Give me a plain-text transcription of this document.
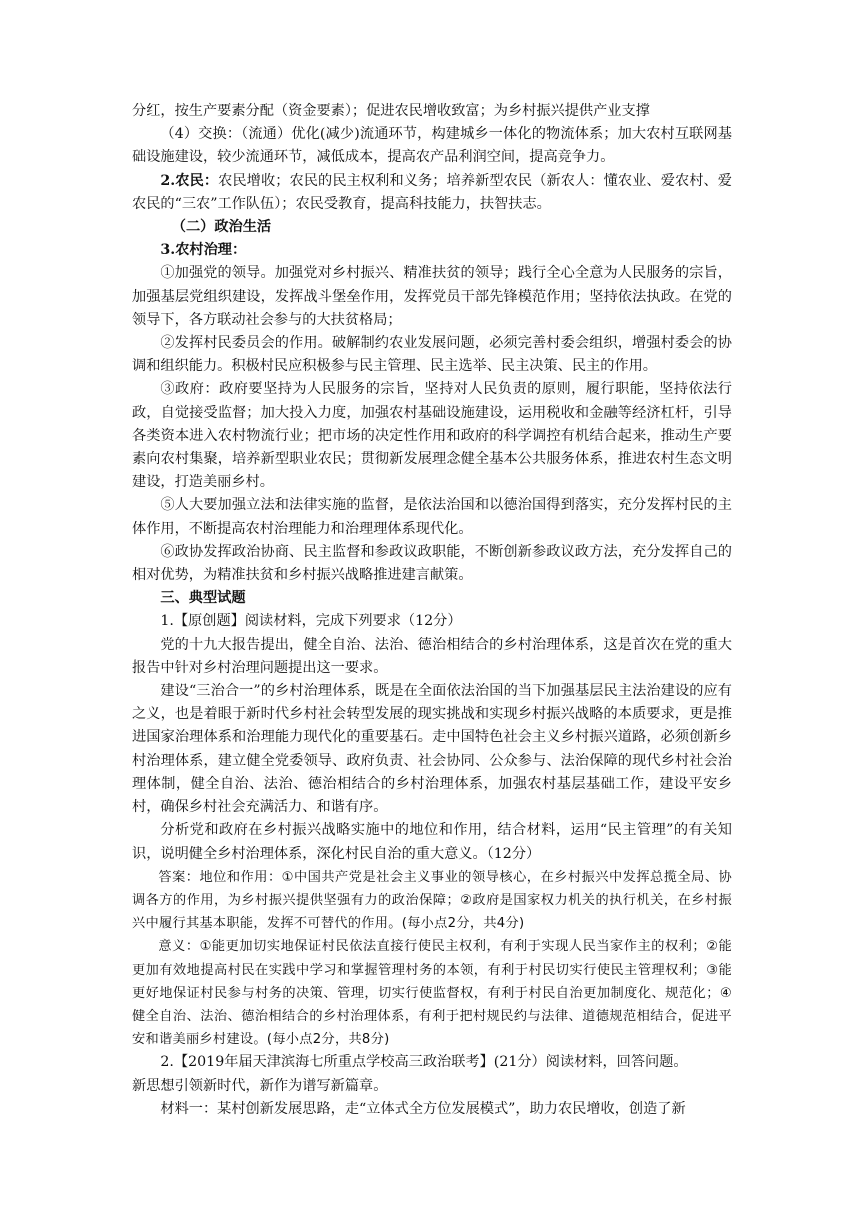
分红，按生产要素分配（资金要素）；促进农民增收致富；为乡村振兴提供产业支撑

（4）交换：（流通）优化(减少)流通环节，构建城乡一体化的物流体系；加大农村互联网基础设施建设，较少流通环节，减低成本，提高农产品利润空间，提高竞争力。

2.农民：农民增收；农民的民主权利和义务；培养新型农民（新农人：懂农业、爱农村、爱农民的“三农”工作队伍）；农民受教育，提高科技能力，扶智扶志。

（二）政治生活

3.农村治理：

①加强党的领导。加强党对乡村振兴、精准扶贫的领导；践行全心全意为人民服务的宗旨，加强基层党组织建设，发挥战斗堡垒作用，发挥党员干部先锋模范作用；坚持依法执政。在党的领导下，各方联动社会参与的大扶贫格局；

②发挥村民委员会的作用。破解制约农业发展问题，必须完善村委会组织，增强村委会的协调和组织能力。积极村民应积极参与民主管理、民主选举、民主决策、民主的作用。

③政府：政府要坚持为人民服务的宗旨，坚持对人民负责的原则，履行职能，坚持依法行政，自觉接受监督；加大投入力度，加强农村基础设施建设，运用税收和金融等经济杠杆，引导各类资本进入农村物流行业；把市场的决定性作用和政府的科学调控有机结合起来，推动生产要素向农村集聚，培养新型职业农民；贯彻新发展理念健全基本公共服务体系，推进农村生态文明建设，打造美丽乡村。

⑤人大要加强立法和法律实施的监督，是依法治国和以德治国得到落实，充分发挥村民的主体作用，不断提高农村治理能力和治理理体系现代化。

⑥政协发挥政治协商、民主监督和参政议政职能，不断创新参政议政方法，充分发挥自己的相对优势，为精准扶贫和乡村振兴战略推进建言献策。

三、典型试题

1.【原创题】阅读材料，完成下列要求（12分）

党的十九大报告提出，健全自治、法治、德治相结合的乡村治理体系，这是首次在党的重大报告中针对乡村治理问题提出这一要求。

建设“三治合一”的乡村治理体系，既是在全面依法治国的当下加强基层民主法治建设的应有之义，也是着眼于新时代乡村社会转型发展的现实挑战和实现乡村振兴战略的本质要求，更是推进国家治理体系和治理能力现代化的重要基石。走中国特色社会主义乡村振兴道路，必须创新乡村治理体系，建立健全党委领导、政府负责、社会协同、公众参与、法治保障的现代乡村社会治理体制，健全自治、法治、德治相结合的乡村治理体系，加强农村基层基础工作，建设平安乡村，确保乡村社会充满活力、和谐有序。

分析党和政府在乡村振兴战略实施中的地位和作用，结合材料，运用“民主管理”的有关知识，说明健全乡村治理体系，深化村民自治的重大意义。（12分）

答案：地位和作用：①中国共产党是社会主义事业的领导核心，在乡村振兴中发挥总揽全局、协调各方的作用，为乡村振兴提供坚强有力的政治保障；②政府是国家权力机关的执行机关，在乡村振兴中履行其基本职能，发挥不可替代的作用。(每小点2分，共4分)

意义：①能更加切实地保证村民依法直接行使民主权利，有利于实现人民当家作主的权利；②能更加有效地提高村民在实践中学习和掌握管理村务的本领，有利于村民切实行使民主管理权利；③能更好地保证村民参与村务的决策、管理，切实行使监督权，有利于村民自治更加制度化、规范化；④健全自治、法治、德治相结合的乡村治理体系，有利于把村规民约与法律、道德规范相结合，促进平安和谐美丽乡村建设。(每小点2分，共8分)

2.【2019年届天津滨海七所重点学校高三政治联考】(21分）阅读材料，回答问题。

新思想引领新时代，新作为谱写新篇章。

材料一：某村创新发展思路，走“立体式全方位发展模式”，助力农民增收，创造了新
